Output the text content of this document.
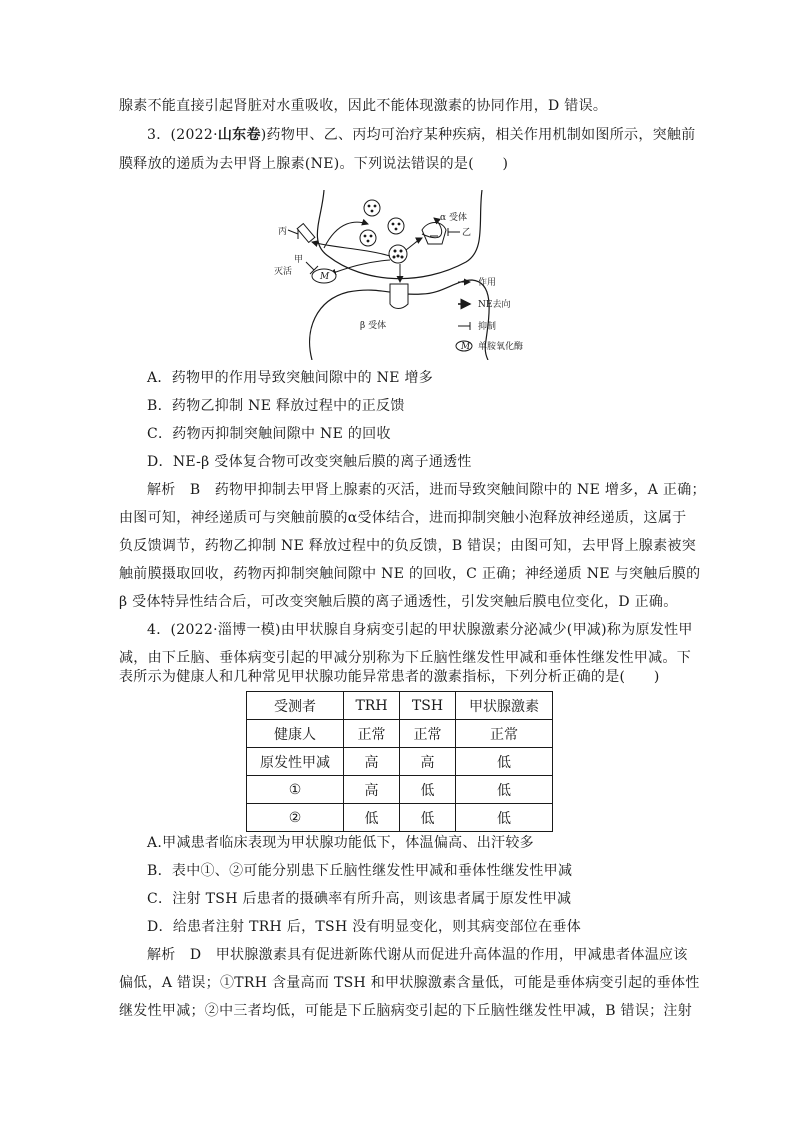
腺素不能直接引起肾脏对水重吸收，因此不能体现激素的协同作用，D 错误。
3．(2022·山东卷)药物甲、乙、丙均可治疗某种疾病，相关作用机制如图所示，突触前
膜释放的递质为去甲肾上腺素(NE)。下列说法错误的是(　　)
M
丙
甲
灭活
α 受体
乙
β 受体
作用
NE去向
抑制
M 单胺氧化酶
A．药物甲的作用导致突触间隙中的 NE 增多
B．药物乙抑制 NE 释放过程中的正反馈
C．药物丙抑制突触间隙中 NE 的回收
D．NE-β 受体复合物可改变突触后膜的离子通透性
解析　B　药物甲抑制去甲肾上腺素的灭活，进而导致突触间隙中的 NE 增多，A 正确；
由图可知，神经递质可与突触前膜的α受体结合，进而抑制突触小泡释放神经递质，这属于
负反馈调节，药物乙抑制 NE 释放过程中的负反馈，B 错误；由图可知，去甲肾上腺素被突
触前膜摄取回收，药物丙抑制突触间隙中 NE 的回收，C 正确；神经递质 NE 与突触后膜的
β 受体特异性结合后，可改变突触后膜的离子通透性，引发突触后膜电位变化，D 正确。
4．(2022·淄博一模)由甲状腺自身病变引起的甲状腺激素分泌减少(甲减)称为原发性甲
减，由下丘脑、垂体病变引起的甲减分别称为下丘脑性继发性甲减和垂体性继发性甲减。下
表所示为健康人和几种常见甲状腺功能异常患者的激素指标，下列分析正确的是(　　)
受测者	TRH	TSH	甲状腺激素
健康人	正常	正常	正常
原发性甲减	高	高	低
①	高	低	低
②	低	低	低
A.甲减患者临床表现为甲状腺功能低下，体温偏高、出汗较多
B．表中①、②可能分别患下丘脑性继发性甲减和垂体性继发性甲减
C．注射 TSH 后患者的摄碘率有所升高，则该患者属于原发性甲减
D．给患者注射 TRH 后，TSH 没有明显变化，则其病变部位在垂体
解析　D　甲状腺激素具有促进新陈代谢从而促进升高体温的作用，甲减患者体温应该
偏低，A 错误；①TRH 含量高而 TSH 和甲状腺激素含量低，可能是垂体病变引起的垂体性
继发性甲减；②中三者均低，可能是下丘脑病变引起的下丘脑性继发性甲减，B 错误；注射
